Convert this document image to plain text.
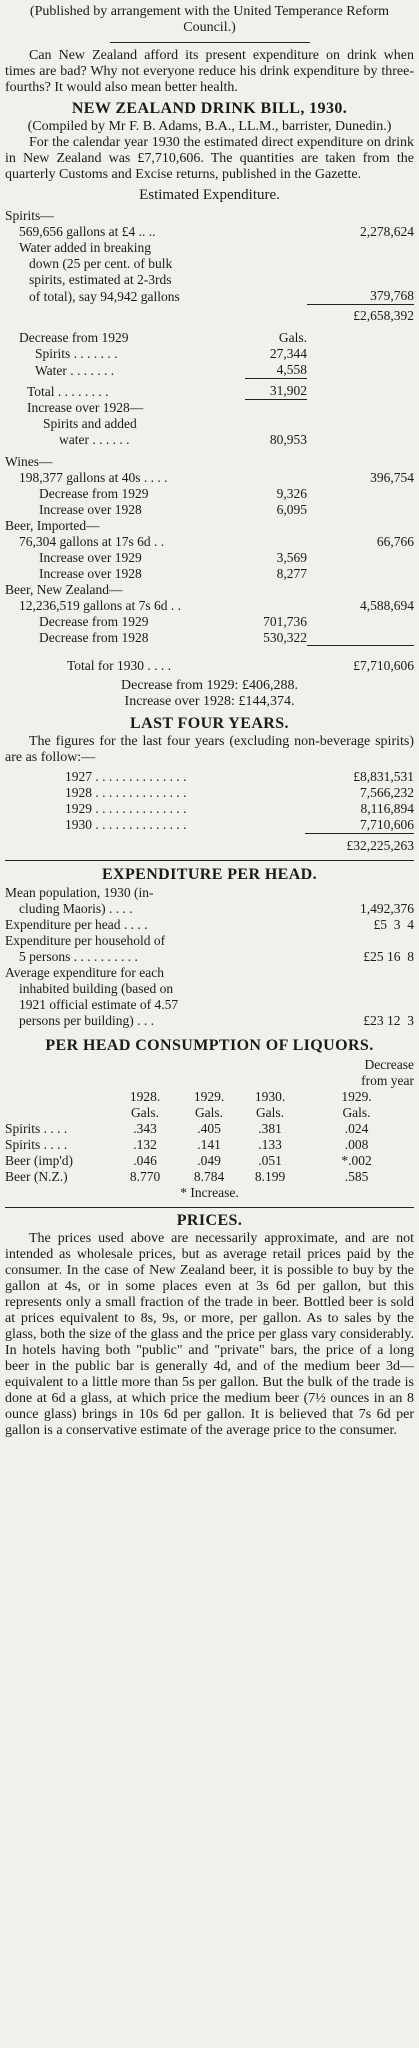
(Published by arrangement with the United Temperance Reform Council.)

Can New Zealand afford its present expenditure on drink when times are bad? Why not everyone reduce his drink expenditure by three-fourths? It would also mean better health.

NEW ZEALAND DRINK BILL, 1930.

(Compiled by Mr F. B. Adams, B.A., LL.M., barrister, Dunedin.)

For the calendar year 1930 the estimated direct expenditure on drink in New Zealand was £7,710,606. The quantities are taken from the quarterly Customs and Excise returns, published in the Gazette.

Estimated Expenditure.

Spirits—		
569,656 gallons at £4 .. ..		2,278,624
Water added in breaking		
down (25 per cent. of bulk		
spirits, estimated at 2-3rds		
of total), say 94,942 gallons		379,768
		£2,658,392
Decrease from 1929	Gals.	
Spirits . . . . . . .	27,344	
Water . . . . . . .	4,558	
Total . . . . . . . .	31,902	
Increase over 1928—		
Spirits and added		
water . . . . . .	80,953	
Wines—		
198,377 gallons at 40s . . . .		396,754
Decrease from 1929	9,326	
Increase over 1928	6,095	
Beer, Imported—		
76,304 gallons at 17s 6d . .		66,766
Increase over 1929	3,569	
Increase over 1928	8,277	
Beer, New Zealand—		
12,236,519 gallons at 7s 6d . .		4,588,694
Decrease from 1929	701,736	
Decrease from 1928	530,322	
Total for 1930 . . . .		£7,710,606

Decrease from 1929: £406,288.

Increase over 1928: £144,374.

LAST FOUR YEARS.

The figures for the last four years (excluding non-beverage spirits) are as follow:—

	1927 . . . . . . . . . . . . . .	£8,831,531
	1928 . . . . . . . . . . . . . .	7,566,232
	1929 . . . . . . . . . . . . . .	8,116,894
	1930 . . . . . . . . . . . . . .	7,710,606
		£32,225,263

EXPENDITURE PER HEAD.

Mean population, 1930 (in-	
cluding Maoris) . . . .	1,492,376
Expenditure per head . . . .	£5  3  4
Expenditure per household of	
5 persons . . . . . . . . . .	£25 16  8
Average expenditure for each	
inhabited building (based on	
1921 official estimate of 4.57	
persons per building) . . .	£23 12  3

PER HEAD CONSUMPTION OF LIQUORS.

				Decrease
				from year
	1928.	1929.	1930.	1929.
	Gals.	Gals.	Gals.	Gals.
Spirits . . . .	.343	.405	.381	.024
Spirits . . . .	.132	.141	.133	.008
Beer (imp'd)	.046	.049	.051	*.002
Beer (N.Z.)	8.770	8.784	8.199	.585

* Increase.

PRICES.

The prices used above are necessarily approximate, and are not intended as wholesale prices, but as average retail prices paid by the consumer. In the case of New Zealand beer, it is possible to buy by the gallon at 4s, or in some places even at 3s 6d per gallon, but this represents only a small fraction of the trade in beer. Bottled beer is sold at prices equivalent to 8s, 9s, or more, per gallon. As to sales by the glass, both the size of the glass and the price per glass vary considerably. In hotels having both "public" and "private" bars, the price of a long beer in the public bar is generally 4d, and of the medium beer 3d—equivalent to a little more than 5s per gallon. But the bulk of the trade is done at 6d a glass, at which price the medium beer (7½ ounces in an 8 ounce glass) brings in 10s 6d per gallon. It is believed that 7s 6d per gallon is a conservative estimate of the average price to the consumer.
